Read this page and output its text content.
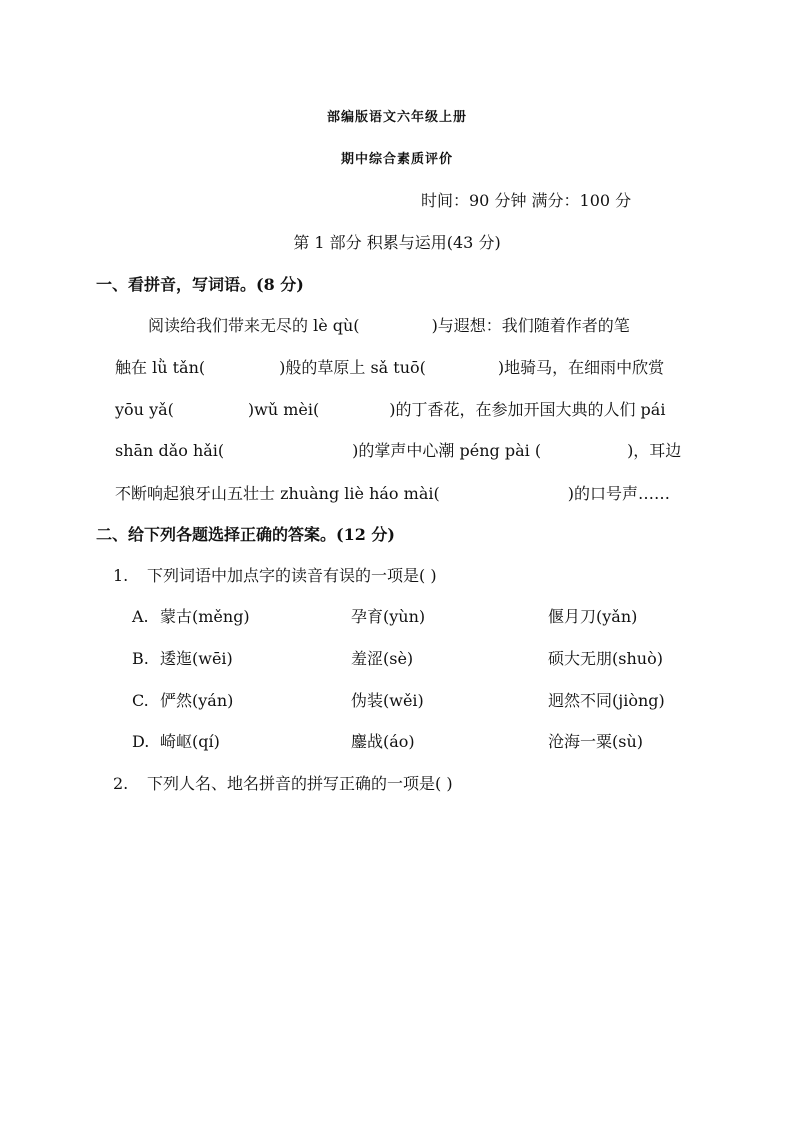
部编版语文六年级上册
期中综合素质评价
时间：90 分钟 满分：100 分
第 1 部分 积累与运用(43 分)
一、看拼音，写词语。(8 分)
阅读给我们带来无尽的 lè qù(	)与遐想：我们随着作者的笔
触在 lǜ tǎn(	)般的草原上 sǎ tuō(	)地骑马，在细雨中欣赏
yōu yǎ(	)wǔ mèi(	)的丁香花，在参加开国大典的人们 pái
shān dǎo hǎi(	)的掌声中心潮 péng pài (	)，耳边
不断响起狼牙山五壮士 zhuàng liè háo mài(	)的口号声……
二、给下列各题选择正确的答案。(12 分)
1. 下列词语中加点字的读音有误的一项是( )
A. 蒙古(měng)	孕育(yùn)	偃月刀(yǎn)
B. 逶迤(wēi)	羞涩(sè)	硕大无朋(shuò)
C. 俨然(yán)	伪装(wěi)	迥然不同(jiòng)
D. 崎岖(qí)	鏖战(áo)	沧海一粟(sù)
2. 下列人名、地名拼音的拼写正确的一项是( )
